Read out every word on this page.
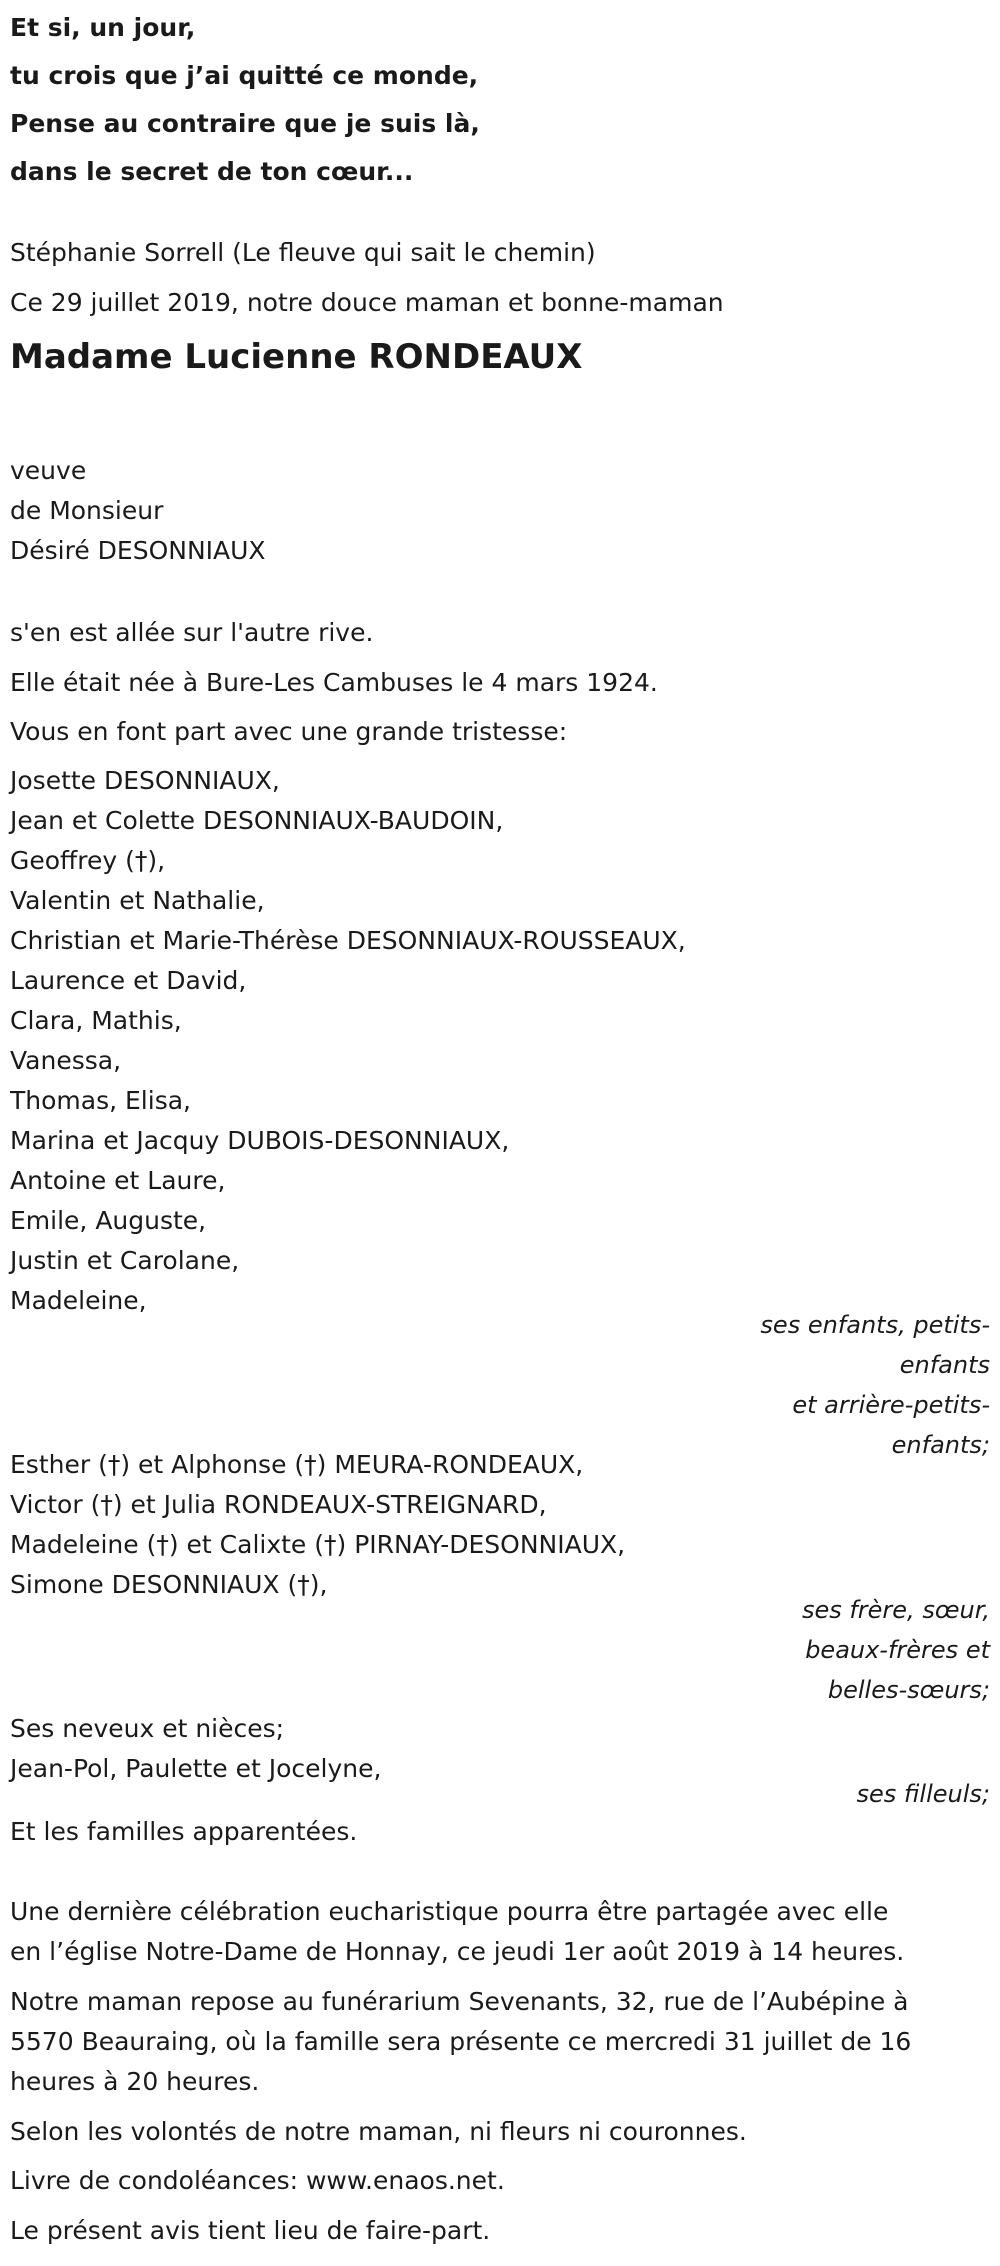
Et si, un jour,
tu crois que j’ai quitté ce monde,
Pense au contraire que je suis là,
dans le secret de ton cœur...
Stéphanie Sorrell (Le fleuve qui sait le chemin)
Ce 29 juillet 2019, notre douce maman et bonne-maman
Madame Lucienne RONDEAUX
veuve
de Monsieur
Désiré DESONNIAUX
s'en est allée sur l'autre rive.
Elle était née à Bure-Les Cambuses le 4 mars 1924.
Vous en font part avec une grande tristesse:
Josette DESONNIAUX,
Jean et Colette DESONNIAUX-BAUDOIN,
Geoffrey (†),
Valentin et Nathalie,
Christian et Marie-Thérèse DESONNIAUX-ROUSSEAUX,
Laurence et David,
Clara, Mathis,
Vanessa,
Thomas, Elisa,
Marina et Jacquy DUBOIS-DESONNIAUX,
Antoine et Laure,
Emile, Auguste,
Justin et Carolane,
Madeleine,
ses enfants, petits-
enfants
et arrière-petits-
enfants;
Esther (†) et Alphonse (†) MEURA-RONDEAUX,
Victor (†) et Julia RONDEAUX-STREIGNARD,
Madeleine (†) et Calixte (†) PIRNAY-DESONNIAUX,
Simone DESONNIAUX (†),
ses frère, sœur,
beaux-frères et
belles-sœurs;
Ses neveux et nièces;
Jean-Pol, Paulette et Jocelyne,
ses filleuls;
Et les familles apparentées.
Une dernière célébration eucharistique pourra être partagée avec elle
en l’église Notre-Dame de Honnay, ce jeudi 1er août 2019 à 14 heures.
Notre maman repose au funérarium Sevenants, 32, rue de l’Aubépine à
5570 Beauraing, où la famille sera présente ce mercredi 31 juillet de 16
heures à 20 heures.
Selon les volontés de notre maman, ni fleurs ni couronnes.
Livre de condoléances: www.enaos.net.
Le présent avis tient lieu de faire-part.
